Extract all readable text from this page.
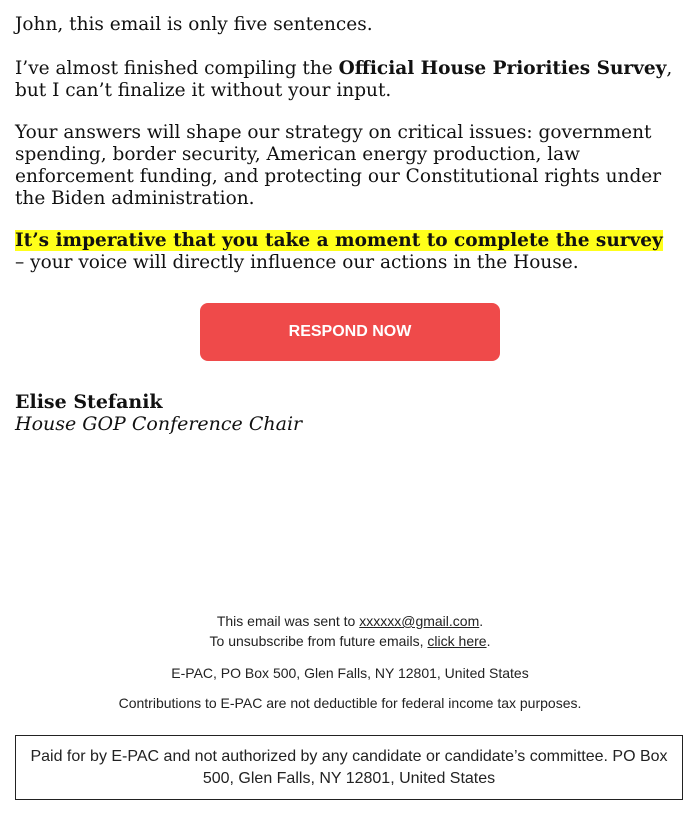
John, this email is only five sentences.

I’ve almost finished compiling the Official House Priorities Survey, but I can’t finalize it without your input.

Your answers will shape our strategy on critical issues: government spending, border security, American energy production, law enforcement funding, and protecting our Constitutional rights under the Biden administration.

It’s imperative that you take a moment to complete the survey – your voice will directly influence our actions in the House.

RESPOND NOW
Elise Stefanik
House GOP Conference Chair
This email was sent to xxxxxx@gmail.com.
To unsubscribe from future emails, click here.
E-PAC, PO Box 500, Glen Falls, NY 12801, United States
Contributions to E-PAC are not deductible for federal income tax purposes.
Paid for by E-PAC and not authorized by any candidate or candidate’s committee. PO Box 500, Glen Falls, NY 12801, United States
